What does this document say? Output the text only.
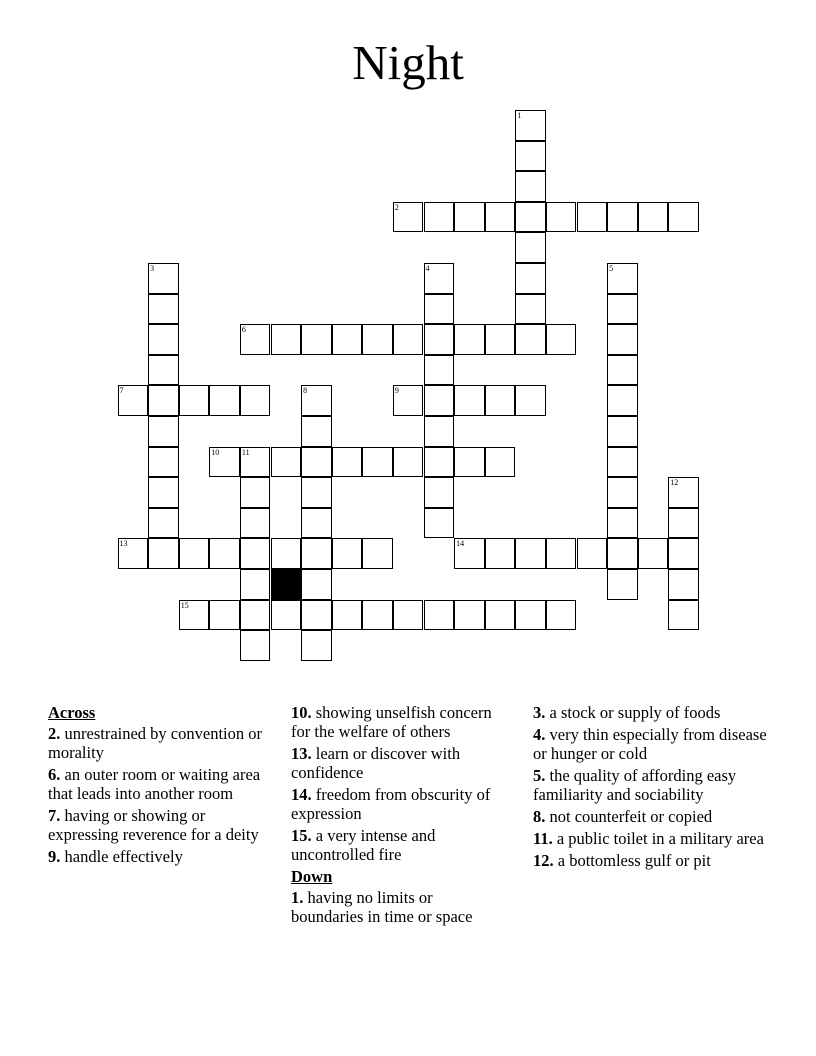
Night
2
6
7	9
10	11
13	14
15
1
3	4	5
8
12
Across
2. unrestrained by convention or morality
6. an outer room or waiting area that leads into another room
7. having or showing or expressing reverence for a deity
9. handle effectively
10. showing unselfish concern for the welfare of others
13. learn or discover with confidence
14. freedom from obscurity of expression
15. a very intense and uncontrolled fire
Down
1. having no limits or boundaries in time or space
3. a stock or supply of foods
4. very thin especially from disease or hunger or cold
5. the quality of affording easy familiarity and sociability
8. not counterfeit or copied
11. a public toilet in a military area
12. a bottomless gulf or pit
